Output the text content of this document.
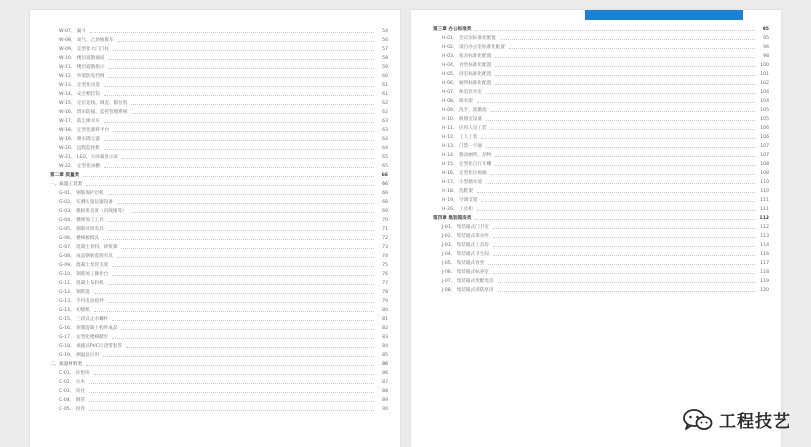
W-07、 漏斗	54
W-08、 氧气、乙炔瓶推车	56
W-09、 定型化大门门柱	57
W-10、 楼层疏散通道	58
W-11、 楼层疏散指示	59
W-12、 外架防坠挡网	60
W-13、 定型化吊笼	61
W-14、 安全帽挂钩	61
W-15、 定位边线、调直、限位机	62
W-16、 塔吊防撞、监控管理系统	62
W-17、 防尘喷水车	63
W-18、 定型化卸料平台	63
W-19、 喷水降尘器	64
W-20、 远程监控机	64
W-21、 LED、大屏幕显示屏	65
W-22、 定型化雨棚	65
第二章 质量类	66
一、质量工具类	66
G-01、 钢筋保护层机	66
G-02、 实测实量仪器设备	68
G-03、 模板垂直度（吊线锤等）	69
G-04、 楼梯加工工具	70
G-05、 钢筋对焊夹具	71
G-06、 楼梯板模具	72
G-07、 混凝土骨料、砂浆筛	73
G-08、 成品钢筋套筒夹具	74
G-09、 混凝土泵管支架	75
G-10、 钢筋加工操作台	76
G-11、 混凝土布料机	77
G-12、 钢筋笼	78
G-13、 手持电动搅拌	79
G-14、 切缝机	80
G-15、 三段式止水螺杆	81
G-16、 预制混凝土构件成品	82
G-17、 定型化楼梯踏步	83
G-18、 承插式PVC后浇带套管	84
G-19、 测温仪应用	85
二、质量材料类	86
C-01、 砼垫块	86
C-02、 方木	87
C-03、 顶托	88
C-04、 钢管	89
C-05、 扣件	90
第三章 办公标准类	95
H-01、 会议室标准化配置	95
H-02、 项目办公室标准化配置	96
H-03、 宿舍标准化配置	98
H-04、 食堂标准化配置	100
H-05、 浴室标准化配置	101
H-06、 厕所标准化配置	102
H-07、 休息饮水室	104
H-08、 晾衣架	104
H-09、 洗手、洗漱池	105
H-10、 吸烟室设备	105
H-11、 民用人员工装	106
H-12、 工人工装	106
H-13、 门禁一卡通	107
H-14、 移动厕所、杂物	107
H-15、 定型化自行车棚	108
H-16、 定型化垃圾桶	108
H-17、 小型储水池	110
H-18、 洗鞋架	110
H-19、 空调支架	111
H-20、 工具柜	111
第四章 集装箱房类	112
J-01、 集装箱式门卫室	112
J-02、 集装箱式茶水亭	113
J-03、 集装箱式工具房	114
J-04、 集装箱式卫生间	116
J-05、 集装箱式食堂	117
J-06、 集装箱式标养室	118
J-07、 集装箱式变配电房	119
J-08、 集装箱式消防泵房	120
工程技艺
